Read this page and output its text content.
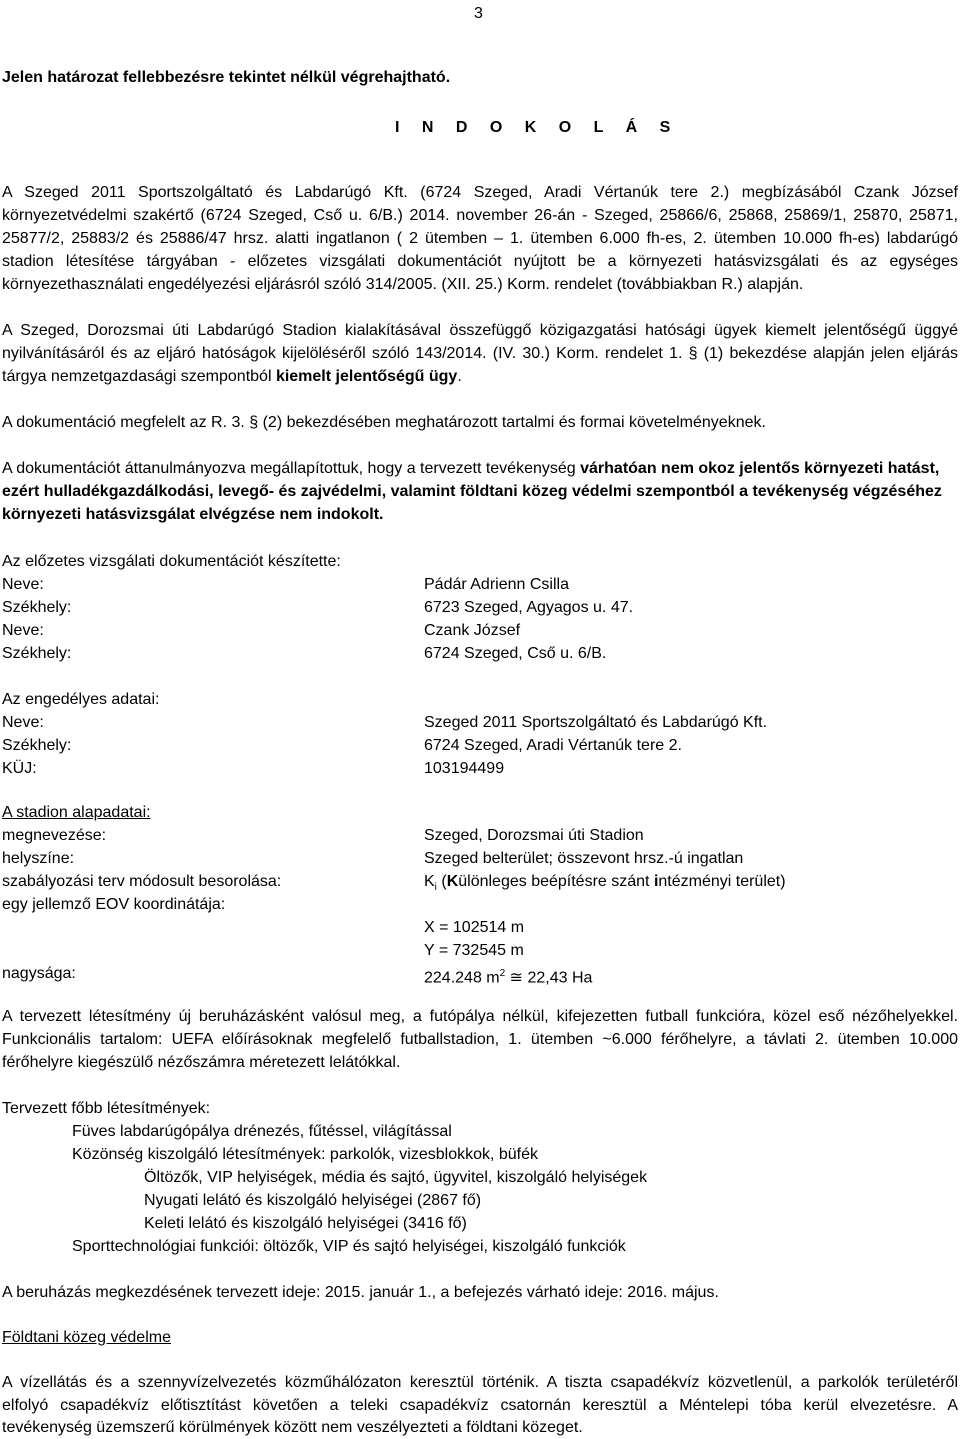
3
Jelen határozat fellebbezésre tekintet nélkül végrehajtható.
I N D O K O L Á S
A Szeged 2011 Sportszolgáltató és Labdarúgó Kft. (6724 Szeged, Aradi Vértanúk tere 2.) megbízásából Czank József
környezetvédelmi szakértő (6724 Szeged, Cső u. 6/B.) 2014. november 26-án - Szeged, 25866/6, 25868, 25869/1, 25870, 25871,
25877/2, 25883/2 és 25886/47 hrsz. alatti ingatlanon ( 2 ütemben – 1. ütemben 6.000 fh-es, 2. ütemben 10.000 fh-es) labdarúgó
stadion létesítése tárgyában - előzetes vizsgálati dokumentációt nyújtott be a környezeti hatásvizsgálati és az egységes
környezethasználati engedélyezési eljárásról szóló 314/2005. (XII. 25.) Korm. rendelet (továbbiakban R.) alapján.
A Szeged, Dorozsmai úti Labdarúgó Stadion kialakításával összefüggő közigazgatási hatósági ügyek kiemelt jelentőségű üggyé
nyilvánításáról és az eljáró hatóságok kijelöléséről szóló 143/2014. (IV. 30.) Korm. rendelet 1. § (1) bekezdése alapján jelen eljárás
tárgya nemzetgazdasági szempontból kiemelt jelentőségű ügy.
A dokumentáció megfelelt az R. 3. § (2) bekezdésében meghatározott tartalmi és formai követelményeknek.
A dokumentációt áttanulmányozva megállapítottuk, hogy a tervezett tevékenység várhatóan nem okoz jelentős környezeti hatást,
ezért hulladékgazdálkodási, levegő- és zajvédelmi, valamint földtani közeg védelmi szempontból a tevékenység végzéséhez
környezeti hatásvizsgálat elvégzése nem indokolt.
Az előzetes vizsgálati dokumentációt készítette:
Neve:	Pádár Adrienn Csilla
Székhely:	6723 Szeged, Agyagos u. 47.
Neve:	Czank József
Székhely:	6724 Szeged, Cső u. 6/B.
Az engedélyes adatai:
Neve:	Szeged 2011 Sportszolgáltató és Labdarúgó Kft.
Székhely:	6724 Szeged, Aradi Vértanúk tere 2.
KÜJ:	103194499
A stadion alapadatai:
megnevezése:	Szeged, Dorozsmai úti Stadion
helyszíne:	Szeged belterület; összevont hrsz.-ú ingatlan
szabályozási terv módosult besorolása:	$K_i$ (Különleges beépítésre szánt intézményi terület)
egy jellemző EOV koordinátája:
X = 102514 m
Y = 732545 m
nagysága:	224.248 $m^2$ ≅ 22,43 Ha
A tervezett létesítmény új beruházásként valósul meg, a futópálya nélkül, kifejezetten futball funkcióra, közel eső nézőhelyekkel.
Funkcionális tartalom: UEFA előírásoknak megfelelő futballstadion, 1. ütemben ~6.000 férőhelyre, a távlati 2. ütemben 10.000
férőhelyre kiegészülő nézőszámra méretezett lelátókkal.
Tervezett főbb létesítmények:
Füves labdarúgópálya drénezés, fűtéssel, világítással
Közönség kiszolgáló létesítmények: parkolók, vizesblokkok, büfék
Öltözők, VIP helyiségek, média és sajtó, ügyvitel, kiszolgáló helyiségek
Nyugati lelátó és kiszolgáló helyiségei (2867 fő)
Keleti lelátó és kiszolgáló helyiségei (3416 fő)
Sporttechnológiai funkciói: öltözők, VIP és sajtó helyiségei, kiszolgáló funkciók
A beruházás megkezdésének tervezett ideje: 2015. január 1., a befejezés várható ideje: 2016. május.
Földtani közeg védelme
A vízellátás és a szennyvízelvezetés közműhálózaton keresztül történik. A tiszta csapadékvíz közvetlenül, a parkolók területéről
elfolyó csapadékvíz előtisztítást követően a teleki csapadékvíz csatornán keresztül a Méntelepi tóba kerül elvezetésre. A
tevékenység üzemszerű körülmények között nem veszélyezteti a földtani közeget.
